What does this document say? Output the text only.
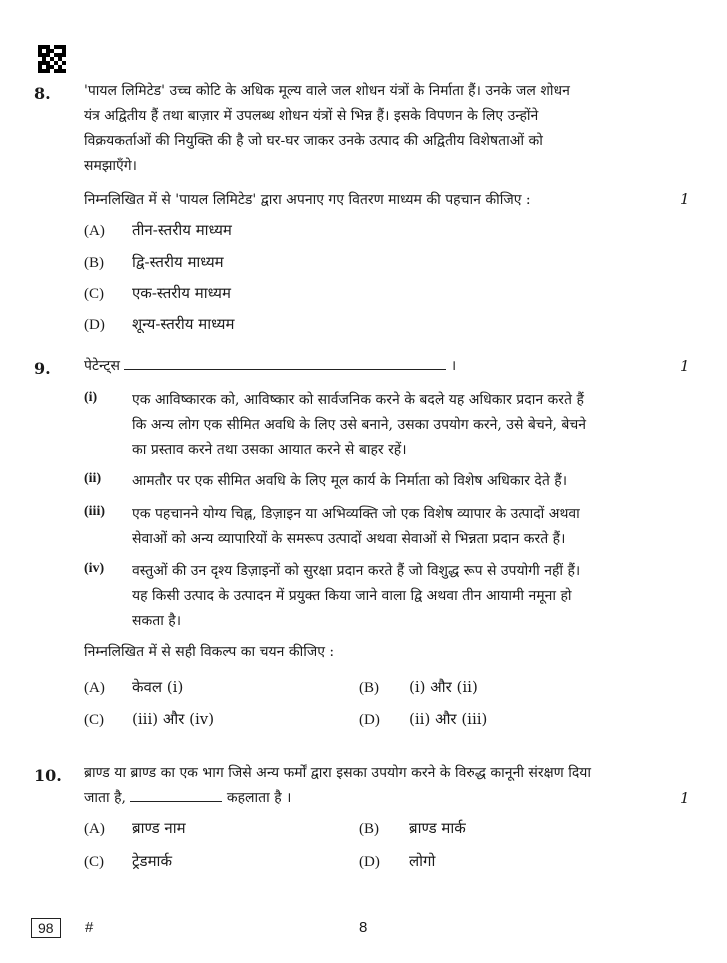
8. 'पायल लिमिटेड' उच्च कोटि के अधिक मूल्य वाले जल शोधन यंत्रों के निर्माता हैं। उनके जल शोधन
यंत्र अद्वितीय हैं तथा बाज़ार में उपलब्ध शोधन यंत्रों से भिन्न हैं। इसके विपणन के लिए उन्होंने
विक्रयकर्ताओं की नियुक्ति की है जो घर-घर जाकर उनके उत्पाद की अद्वितीय विशेषताओं को
समझाएँगे।
निम्नलिखित में से 'पायल लिमिटेड' द्वारा अपनाए गए वितरण माध्यम की पहचान कीजिए :	1
(A) तीन-स्तरीय माध्यम
(B) द्वि-स्तरीय माध्यम
(C) एक-स्तरीय माध्यम
(D) शून्य-स्तरीय माध्यम
9. पेटेन्ट्स	।	1
(i) एक आविष्कारक को, आविष्कार को सार्वजनिक करने के बदले यह अधिकार प्रदान करते हैं
कि अन्य लोग एक सीमित अवधि के लिए उसे बनाने, उसका उपयोग करने, उसे बेचने, बेचने
का प्रस्ताव करने तथा उसका आयात करने से बाहर रहें।
(ii) आमतौर पर एक सीमित अवधि के लिए मूल कार्य के निर्माता को विशेष अधिकार देते हैं।
(iii) एक पहचानने योग्य चिह्न, डिज़ाइन या अभिव्यक्ति जो एक विशेष व्यापार के उत्पादों अथवा
सेवाओं को अन्य व्यापारियों के समरूप उत्पादों अथवा सेवाओं से भिन्नता प्रदान करते हैं।
(iv) वस्तुओं की उन दृश्य डिज़ाइनों को सुरक्षा प्रदान करते हैं जो विशुद्ध रूप से उपयोगी नहीं हैं।
यह किसी उत्पाद के उत्पादन में प्रयुक्त किया जाने वाला द्वि अथवा तीन आयामी नमूना हो
सकता है।
निम्नलिखित में से सही विकल्प का चयन कीजिए :
(A) केवल (i)	(B) (i) और (ii)
(C) (iii) और (iv)	(D) (ii) और (iii)
10. ब्राण्ड या ब्राण्ड का एक भाग जिसे अन्य फर्मों द्वारा इसका उपयोग करने के विरुद्ध कानूनी संरक्षण दिया
जाता है,	कहलाता है ।	1
(A) ब्राण्ड नाम	(B) ब्राण्ड मार्क
(C) ट्रेडमार्क	(D) लोगो
98	#	8
